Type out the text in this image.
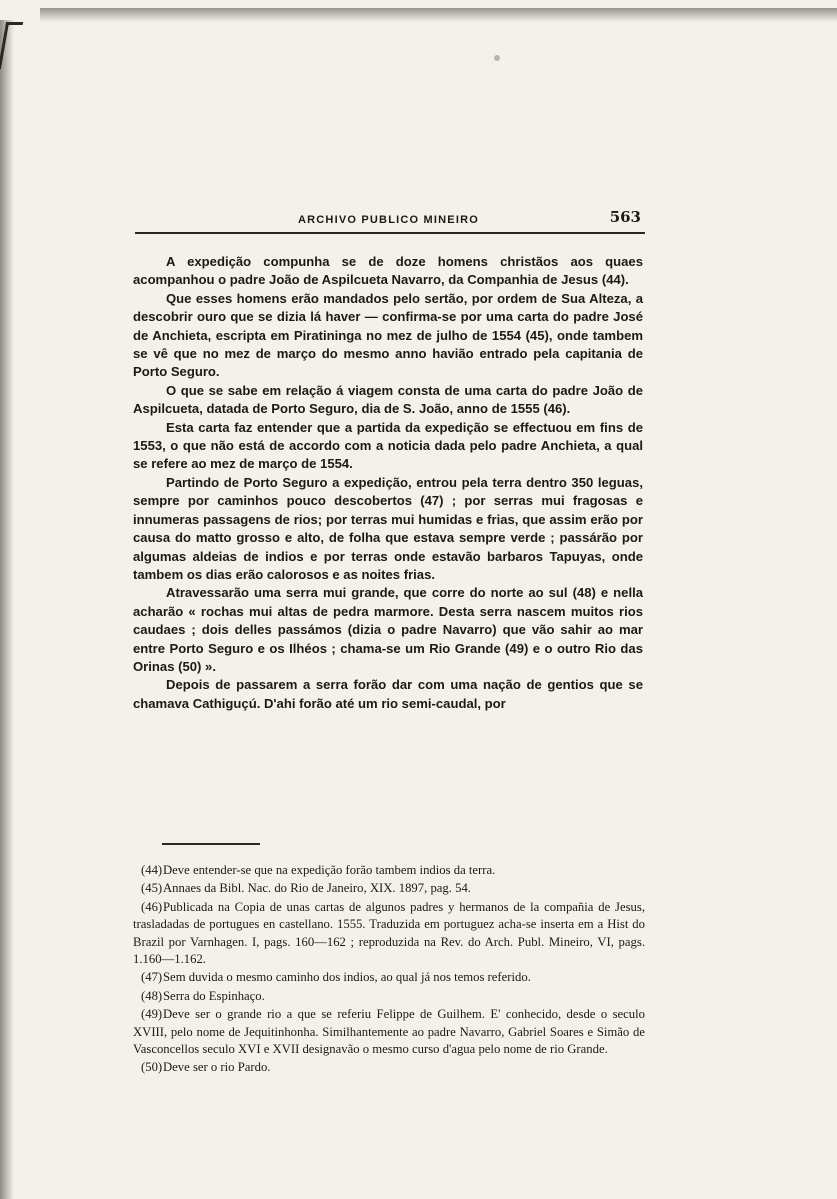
ARCHIVO PUBLICO MINEIRO	563

A expedição compunha se de doze homens christãos aos quaes acompanhou o padre João de Aspilcueta Navarro, da Companhia de Jesus (44).

Que esses homens erão mandados pelo sertão, por ordem de Sua Alteza, a descobrir ouro que se dizia lá haver — confirma-se por uma carta do padre José de Anchieta, escripta em Piratininga no mez de julho de 1554 (45), onde tambem se vê que no mez de março do mesmo anno havião entrado pela capitania de Porto Seguro.

O que se sabe em relação á viagem consta de uma carta do padre João de Aspilcueta, datada de Porto Seguro, dia de S. João, anno de 1555 (46).

Esta carta faz entender que a partida da expedição se effectuou em fins de 1553, o que não está de accordo com a noticia dada pelo padre Anchieta, a qual se refere ao mez de março de 1554.

Partindo de Porto Seguro a expedição, entrou pela terra dentro 350 leguas, sempre por caminhos pouco descobertos (47) ; por serras mui fragosas e innumeras passagens de rios; por terras mui humidas e frias, que assim erão por causa do matto grosso e alto, de folha que estava sempre verde ; passárão por algumas aldeias de indios e por terras onde estavão barbaros Tapuyas, onde tambem os dias erão calorosos e as noites frias.

Atravessarão uma serra mui grande, que corre do norte ao sul (48) e nella acharão « rochas mui altas de pedra marmore. Desta serra nascem muitos rios caudaes ; dois delles passámos (dizia o padre Navarro) que vão sahir ao mar entre Porto Seguro e os Ilhéos ; chama-se um Rio Grande (49) e o outro Rio das Orinas (50) ».

Depois de passarem a serra forão dar com uma nação de gentios que se chamava Cathiguçú. D'ahi forão até um rio semi-caudal, por

(44)Deve entender-se que na expedição forão tambem indios da terra.

(45)Annaes da Bibl. Nac. do Rio de Janeiro, XIX. 1897, pag. 54.

(46)Publicada na Copia de unas cartas de algunos padres y hermanos de la compañia de Jesus, trasladadas de portugues en castellano. 1555. Traduzida em portuguez acha-se inserta em a Hist do Brazil por Varnhagen. I, pags. 160—162 ; reproduzida na Rev. do Arch. Publ. Mineiro, VI, pags. 1.160—1.162.

(47)Sem duvida o mesmo caminho dos indios, ao qual já nos temos referido.

(48)Serra do Espinhaço.

(49)Deve ser o grande rio a que se referiu Felippe de Guilhem. E' conhecido, desde o seculo XVIII, pelo nome de Jequitinhonha. Similhantemente ao padre Navarro, Gabriel Soares e Simão de Vasconcellos seculo XVI e XVII designavão o mesmo curso d'agua pelo nome de rio Grande.

(50)Deve ser o rio Pardo.
